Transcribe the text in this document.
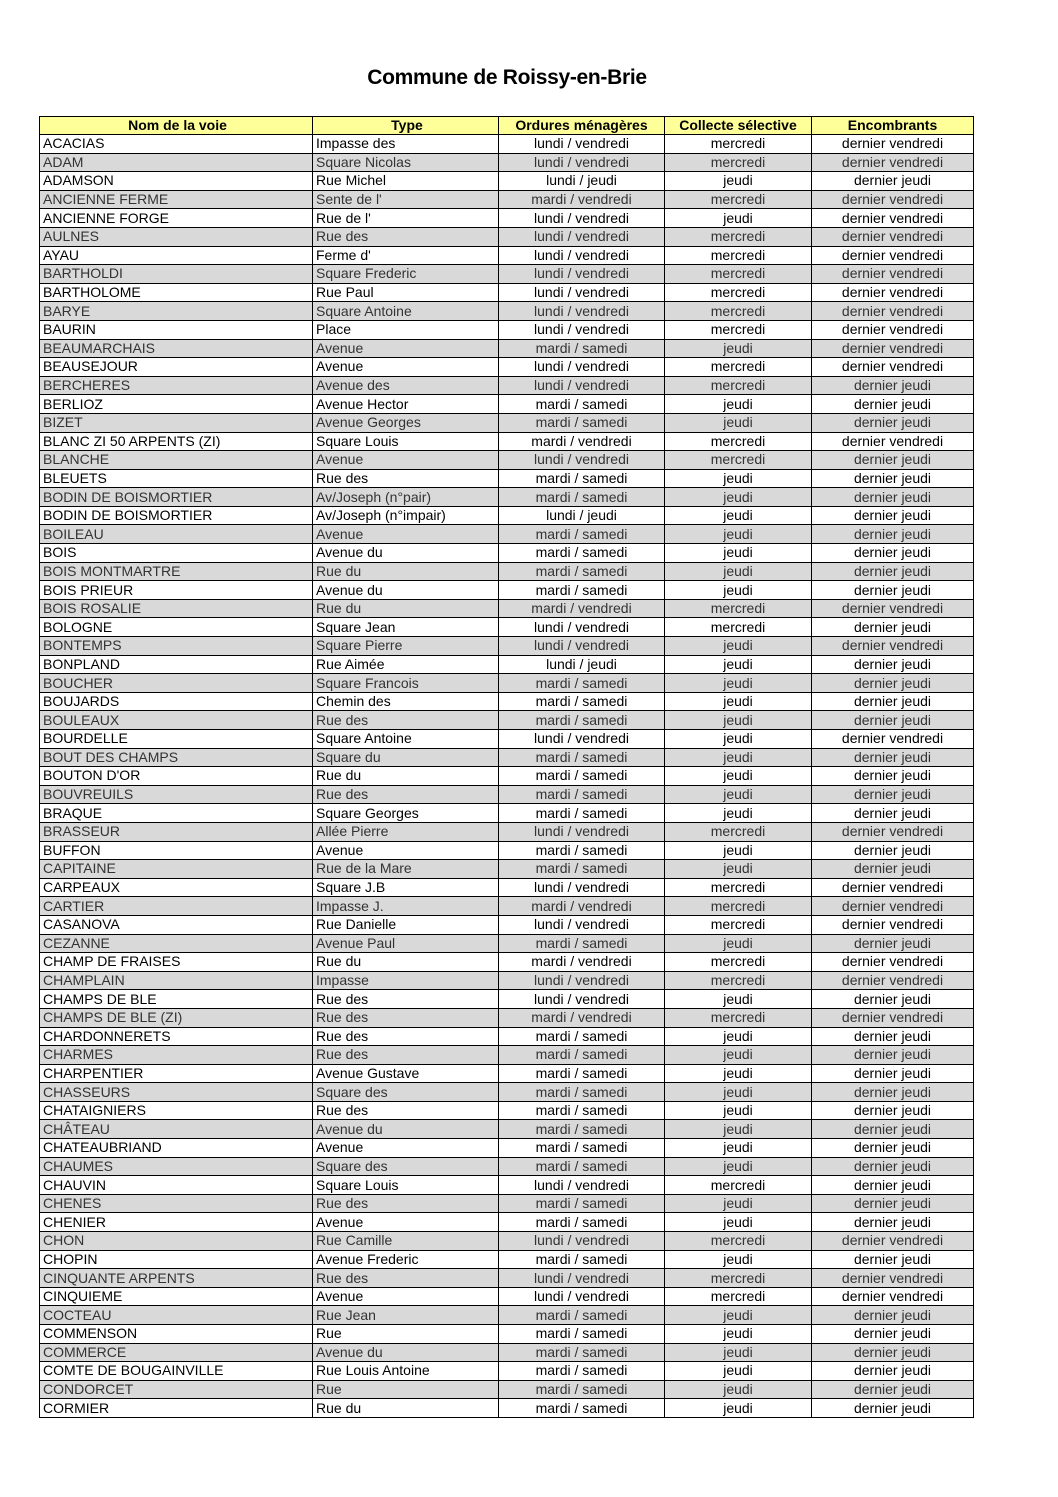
Commune de Roissy-en-Brie
Nom de la voie	Type	Ordures ménagères	Collecte sélective	Encombrants
ACACIAS	Impasse des	lundi / vendredi	mercredi	dernier vendredi
ADAM	Square Nicolas	lundi / vendredi	mercredi	dernier vendredi
ADAMSON	Rue Michel	lundi / jeudi	jeudi	dernier jeudi
ANCIENNE FERME	Sente de l'	mardi / vendredi	mercredi	dernier vendredi
ANCIENNE FORGE	Rue de l'	lundi / vendredi	jeudi	dernier vendredi
AULNES	Rue des	lundi / vendredi	mercredi	dernier vendredi
AYAU	Ferme d'	lundi / vendredi	mercredi	dernier vendredi
BARTHOLDI	Square Frederic	lundi / vendredi	mercredi	dernier vendredi
BARTHOLOME	Rue Paul	lundi / vendredi	mercredi	dernier vendredi
BARYE	Square Antoine	lundi / vendredi	mercredi	dernier vendredi
BAURIN	Place	lundi / vendredi	mercredi	dernier vendredi
BEAUMARCHAIS	Avenue	mardi / samedi	jeudi	dernier vendredi
BEAUSEJOUR	Avenue	lundi / vendredi	mercredi	dernier vendredi
BERCHERES	Avenue des	lundi / vendredi	mercredi	dernier jeudi
BERLIOZ	Avenue Hector	mardi / samedi	jeudi	dernier jeudi
BIZET	Avenue Georges	mardi / samedi	jeudi	dernier jeudi
BLANC ZI 50 ARPENTS (ZI)	Square Louis	mardi / vendredi	mercredi	dernier vendredi
BLANCHE	Avenue	lundi / vendredi	mercredi	dernier jeudi
BLEUETS	Rue des	mardi / samedi	jeudi	dernier jeudi
BODIN DE BOISMORTIER	Av/Joseph (n°pair)	mardi / samedi	jeudi	dernier jeudi
BODIN DE BOISMORTIER	Av/Joseph (n°impair)	lundi / jeudi	jeudi	dernier jeudi
BOILEAU	Avenue	mardi / samedi	jeudi	dernier jeudi
BOIS	Avenue du	mardi / samedi	jeudi	dernier jeudi
BOIS MONTMARTRE	Rue du	mardi / samedi	jeudi	dernier jeudi
BOIS PRIEUR	Avenue du	mardi / samedi	jeudi	dernier jeudi
BOIS ROSALIE	Rue du	mardi / vendredi	mercredi	dernier vendredi
BOLOGNE	Square Jean	lundi / vendredi	mercredi	dernier jeudi
BONTEMPS	Square Pierre	lundi / vendredi	jeudi	dernier vendredi
BONPLAND	Rue Aimée	lundi / jeudi	jeudi	dernier jeudi
BOUCHER	Square Francois	mardi / samedi	jeudi	dernier jeudi
BOUJARDS	Chemin des	mardi / samedi	jeudi	dernier jeudi
BOULEAUX	Rue des	mardi / samedi	jeudi	dernier jeudi
BOURDELLE	Square Antoine	lundi / vendredi	jeudi	dernier vendredi
BOUT DES CHAMPS	Square du	mardi / samedi	jeudi	dernier jeudi
BOUTON D'OR	Rue du	mardi / samedi	jeudi	dernier jeudi
BOUVREUILS	Rue des	mardi / samedi	jeudi	dernier jeudi
BRAQUE	Square Georges	mardi / samedi	jeudi	dernier jeudi
BRASSEUR	Allée Pierre	lundi / vendredi	mercredi	dernier vendredi
BUFFON	Avenue	mardi / samedi	jeudi	dernier jeudi
CAPITAINE	Rue de la Mare	mardi / samedi	jeudi	dernier jeudi
CARPEAUX	Square J.B	lundi / vendredi	mercredi	dernier vendredi
CARTIER	Impasse J.	mardi / vendredi	mercredi	dernier vendredi
CASANOVA	Rue Danielle	lundi / vendredi	mercredi	dernier vendredi
CEZANNE	Avenue Paul	mardi / samedi	jeudi	dernier jeudi
CHAMP DE FRAISES	Rue du	mardi / vendredi	mercredi	dernier vendredi
CHAMPLAIN	Impasse	lundi / vendredi	mercredi	dernier vendredi
CHAMPS DE BLE	Rue des	lundi / vendredi	jeudi	dernier jeudi
CHAMPS DE BLE (ZI)	Rue des	mardi / vendredi	mercredi	dernier vendredi
CHARDONNERETS	Rue des	mardi / samedi	jeudi	dernier jeudi
CHARMES	Rue des	mardi / samedi	jeudi	dernier jeudi
CHARPENTIER	Avenue Gustave	mardi / samedi	jeudi	dernier jeudi
CHASSEURS	Square des	mardi / samedi	jeudi	dernier jeudi
CHATAIGNIERS	Rue des	mardi / samedi	jeudi	dernier jeudi
CHÂTEAU	Avenue du	mardi / samedi	jeudi	dernier jeudi
CHATEAUBRIAND	Avenue	mardi / samedi	jeudi	dernier jeudi
CHAUMES	Square des	mardi / samedi	jeudi	dernier jeudi
CHAUVIN	Square Louis	lundi / vendredi	mercredi	dernier jeudi
CHENES	Rue des	mardi / samedi	jeudi	dernier jeudi
CHENIER	Avenue	mardi / samedi	jeudi	dernier jeudi
CHON	Rue Camille	lundi / vendredi	mercredi	dernier vendredi
CHOPIN	Avenue Frederic	mardi / samedi	jeudi	dernier jeudi
CINQUANTE ARPENTS	Rue des	lundi / vendredi	mercredi	dernier vendredi
CINQUIEME	Avenue	lundi / vendredi	mercredi	dernier vendredi
COCTEAU	Rue Jean	mardi / samedi	jeudi	dernier jeudi
COMMENSON	Rue	mardi / samedi	jeudi	dernier jeudi
COMMERCE	Avenue du	mardi / samedi	jeudi	dernier jeudi
COMTE DE BOUGAINVILLE	Rue Louis Antoine	mardi / samedi	jeudi	dernier jeudi
CONDORCET	Rue	mardi / samedi	jeudi	dernier jeudi
CORMIER	Rue du	mardi / samedi	jeudi	dernier jeudi
